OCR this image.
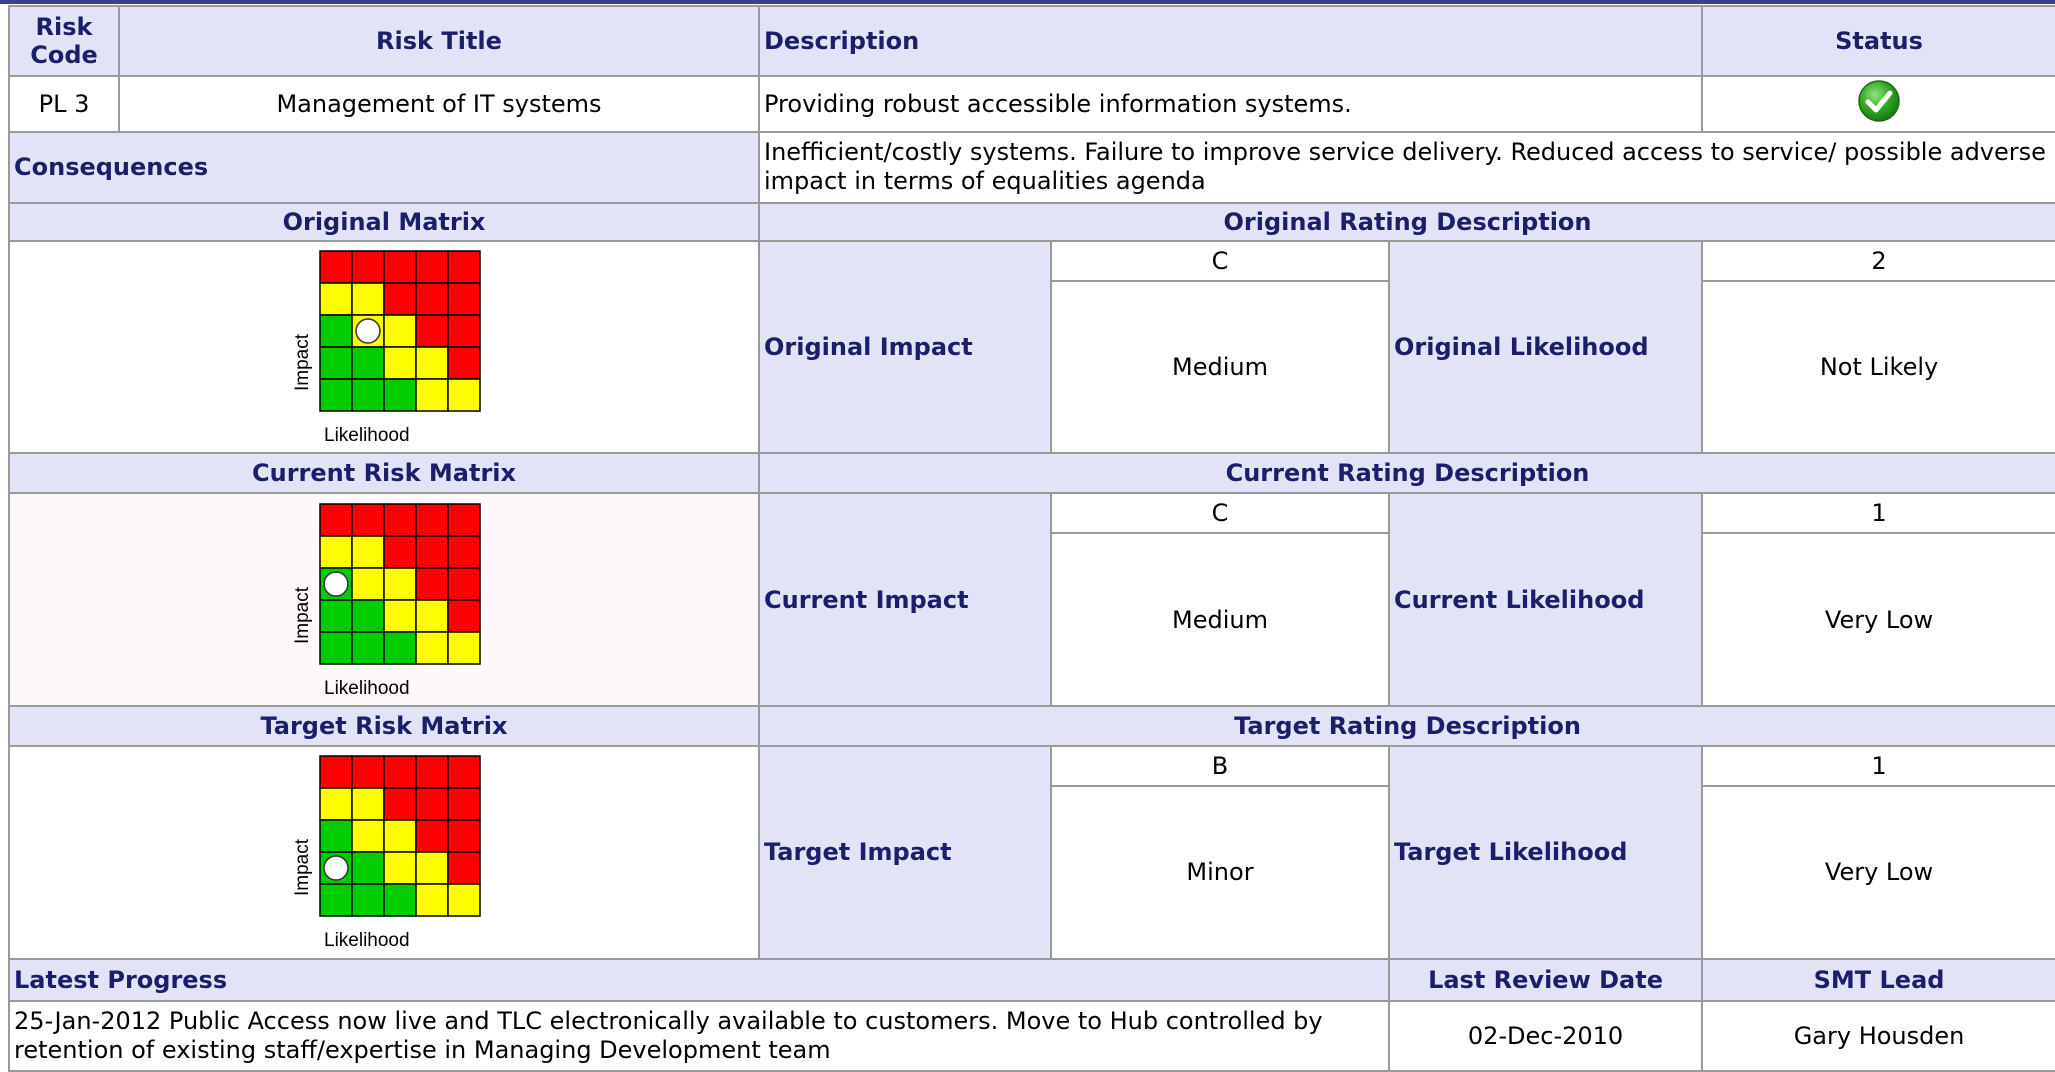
Risk Code	Risk Title	Description			Status
PL 3	Management of IT systems	Providing robust accessible information systems.	
Consequences		Inefficient/costly systems. Failure to improve service delivery. Reduced access to service/ possible adverse impact in terms of equalities agenda			

Original Matrix		Original Rating Description			

Impact
Likelihood		Original Impact	C	Original Likelihood	2
			Medium		Not Likely
Current Risk Matrix		Current Rating Description			

Impact
Likelihood		Current Impact	C	Current Likelihood	1
			Medium		Very Low
Target Risk Matrix		Target Rating Description			

Impact
Likelihood		Target Impact	B	Target Likelihood	1
			Minor		Very Low
Latest Progress				Last Review Date	SMT Lead

25-Jan-2012 Public Access now live and TLC electronically available to customers. Move to Hub controlled by retention of existing staff/expertise in Managing Development team				02-Dec-2010	Gary Housden
